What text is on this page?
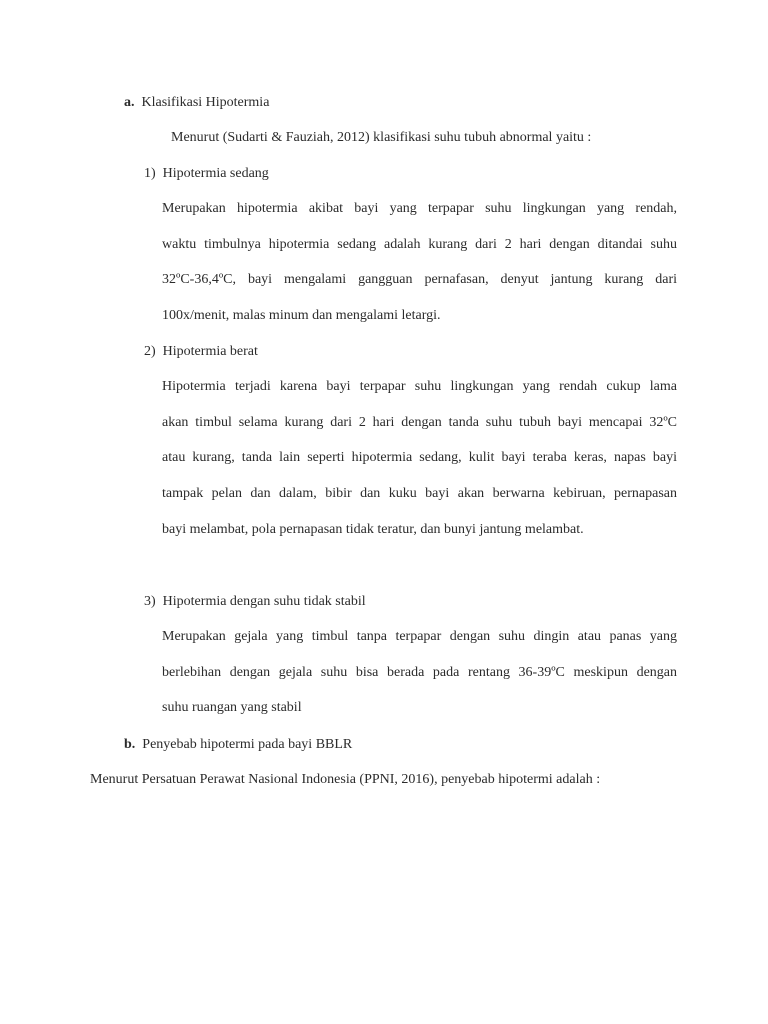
a. Klasifikasi Hipotermia
Menurut (Sudarti & Fauziah, 2012) klasifikasi suhu tubuh abnormal yaitu :
1) Hipotermia sedang
Merupakan hipotermia akibat bayi yang terpapar suhu lingkungan yang rendah,
waktu timbulnya hipotermia sedang adalah kurang dari 2 hari dengan ditandai suhu
32ºC-36,4ºC, bayi mengalami gangguan pernafasan, denyut jantung kurang dari
100x/menit, malas minum dan mengalami letargi.
2) Hipotermia berat
Hipotermia terjadi karena bayi terpapar suhu lingkungan yang rendah cukup lama
akan timbul selama kurang dari 2 hari dengan tanda suhu tubuh bayi mencapai 32ºC
atau kurang, tanda lain seperti hipotermia sedang, kulit bayi teraba keras, napas bayi
tampak pelan dan dalam, bibir dan kuku bayi akan berwarna kebiruan, pernapasan
bayi melambat, pola pernapasan tidak teratur, dan bunyi jantung melambat.
3) Hipotermia dengan suhu tidak stabil
Merupakan gejala yang timbul tanpa terpapar dengan suhu dingin atau panas yang
berlebihan dengan gejala suhu bisa berada pada rentang 36-39ºC meskipun dengan
suhu ruangan yang stabil
b. Penyebab hipotermi pada bayi BBLR
Menurut Persatuan Perawat Nasional Indonesia (PPNI, 2016), penyebab hipotermi adalah :
